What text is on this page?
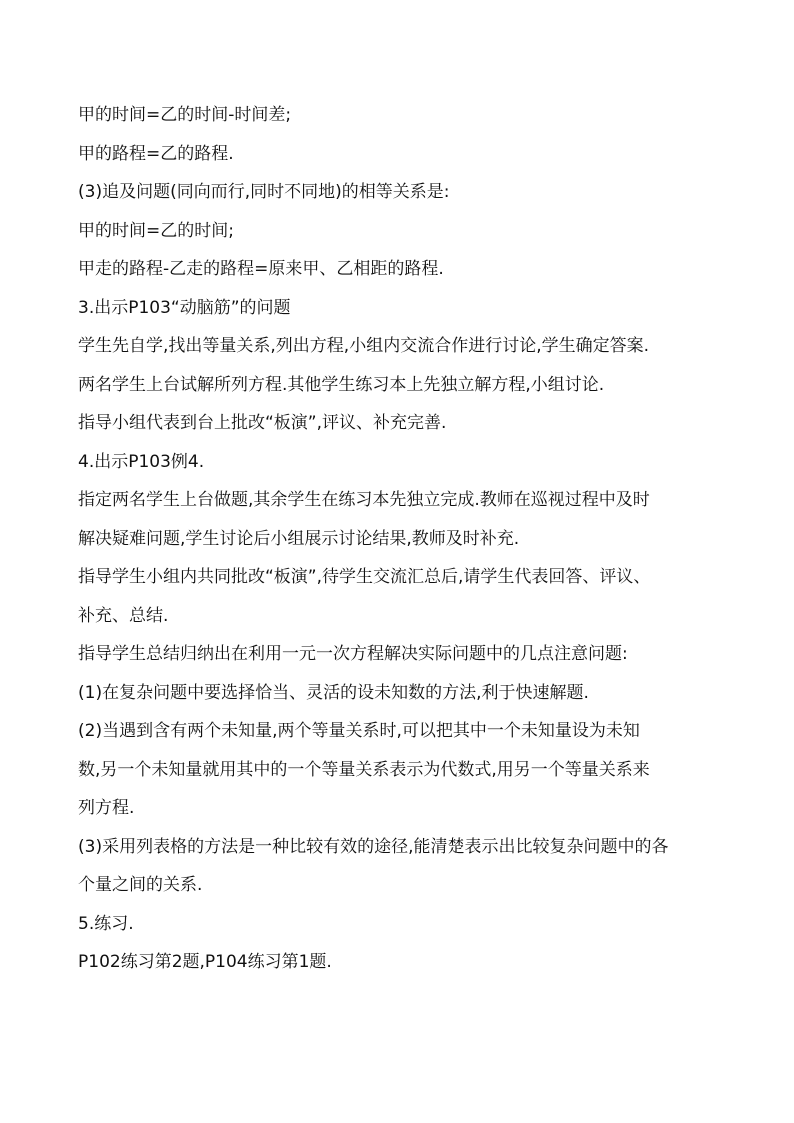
甲的时间=乙的时间-时间差;
甲的路程=乙的路程.
(3)追及问题(同向而行,同时不同地)的相等关系是:
甲的时间=乙的时间;
甲走的路程-乙走的路程=原来甲、乙相距的路程.
3.出示P103“动脑筋”的问题
学生先自学,找出等量关系,列出方程,小组内交流合作进行讨论,学生确定答案.
两名学生上台试解所列方程.其他学生练习本上先独立解方程,小组讨论.
指导小组代表到台上批改“板演”,评议、补充完善.
4.出示P103例4.
指定两名学生上台做题,其余学生在练习本先独立完成.教师在巡视过程中及时
解决疑难问题,学生讨论后小组展示讨论结果,教师及时补充.
指导学生小组内共同批改“板演”,待学生交流汇总后,请学生代表回答、评议、
补充、总结.
指导学生总结归纳出在利用一元一次方程解决实际问题中的几点注意问题:
(1)在复杂问题中要选择恰当、灵活的设未知数的方法,利于快速解题.
(2)当遇到含有两个未知量,两个等量关系时,可以把其中一个未知量设为未知
数,另一个未知量就用其中的一个等量关系表示为代数式,用另一个等量关系来
列方程.
(3)采用列表格的方法是一种比较有效的途径,能清楚表示出比较复杂问题中的各
个量之间的关系.
5.练习.
P102练习第2题,P104练习第1题.
